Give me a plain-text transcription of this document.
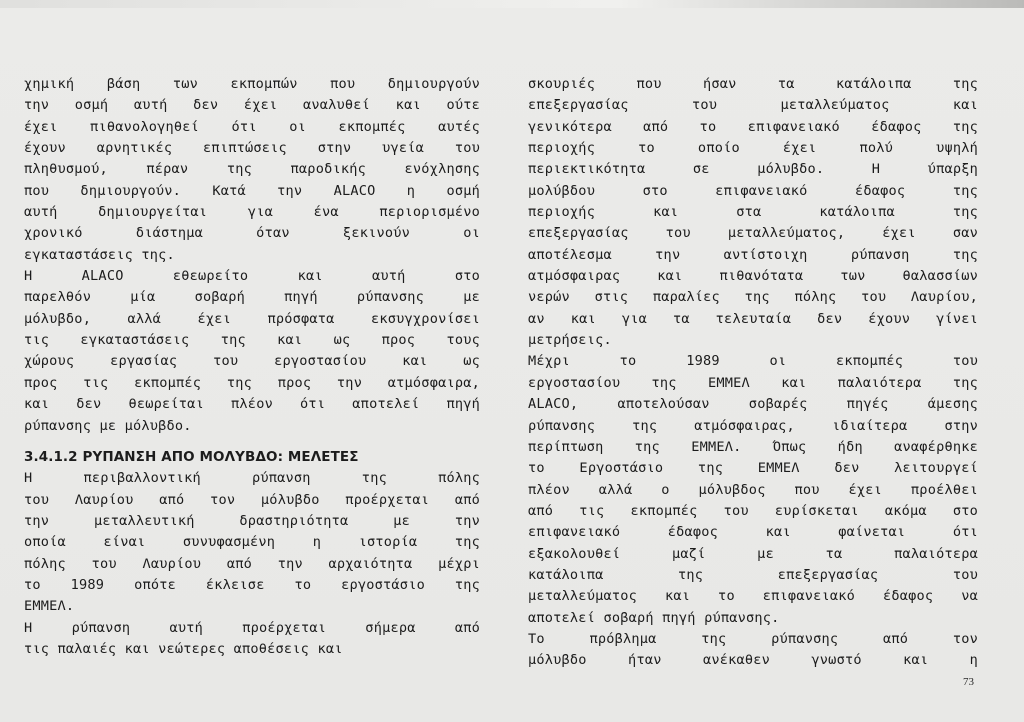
χημική βάση των εκπομπών που δημιουργούν
την οσμή αυτή δεν έχει αναλυθεί και ούτε
έχει πιθανολογηθεί ότι οι εκπομπές αυτές
έχουν αρνητικές επιπτώσεις στην υγεία του
πληθυσμού, πέραν της παροδικής ενόχλησης
που δημιουργούν. Κατά την ALACO η οσμή
αυτή δημιουργείται για ένα περιορισμένο
χρονικό διάστημα όταν ξεκινούν οι
εγκαταστάσεις της.
Η ALACO εθεωρείτο και αυτή στο
παρελθόν μία σοβαρή πηγή ρύπανσης με
μόλυβδο, αλλά έχει πρόσφατα εκσυγχρονίσει
τις εγκαταστάσεις της και ως προς τους
χώρους εργασίας του εργοστασίου και ως
προς τις εκπομπές της προς την ατμόσφαιρα,
και δεν θεωρείται πλέον ότι αποτελεί πηγή
ρύπανσης με μόλυβδο.
3.4.1.2 ΡΥΠΑΝΣΗ ΑΠΟ ΜΟΛΥΒΔΟ: ΜΕΛΕΤΕΣ
Η περιβαλλοντική ρύπανση της πόλης
του Λαυρίου από τον μόλυβδο προέρχεται από
την μεταλλευτική δραστηριότητα με την
οποία είναι συνυφασμένη η ιστορία της
πόλης του Λαυρίου από την αρχαιότητα μέχρι
το 1989 οπότε έκλεισε το εργοστάσιο της
ΕΜΜΕΛ.
Η ρύπανση αυτή προέρχεται σήμερα από
τις παλαιές και νεώτερες αποθέσεις και
σκουριές που ήσαν τα κατάλοιπα της
επεξεργασίας του μεταλλεύματος και
γενικότερα από το επιφανειακό έδαφος της
περιοχής το οποίο έχει πολύ υψηλή
περιεκτικότητα σε μόλυβδο. Η ύπαρξη
μολύβδου στο επιφανειακό έδαφος της
περιοχής και στα κατάλοιπα της
επεξεργασίας του μεταλλεύματος, έχει σαν
αποτέλεσμα την αντίστοιχη ρύπανση της
ατμόσφαιρας και πιθανότατα των θαλασσίων
νερών στις παραλίες της πόλης του Λαυρίου,
αν και για τα τελευταία δεν έχουν γίνει
μετρήσεις.
Μέχρι το 1989 οι εκπομπές του
εργοστασίου της ΕΜΜΕΛ και παλαιότερα της
ALACO, αποτελούσαν σοβαρές πηγές άμεσης
ρύπανσης της ατμόσφαιρας, ιδιαίτερα στην
περίπτωση της ΕΜΜΕΛ. Όπως ήδη αναφέρθηκε
το Εργοστάσιο της ΕΜΜΕΛ δεν λειτουργεί
πλέον αλλά ο μόλυβδος που έχει προέλθει
από τις εκπομπές του ευρίσκεται ακόμα στο
επιφανειακό έδαφος και φαίνεται ότι
εξακολουθεί μαζί με τα παλαιότερα
κατάλοιπα της επεξεργασίας του
μεταλλεύματος και το επιφανειακό έδαφος να
αποτελεί σοβαρή πηγή ρύπανσης.
Το πρόβλημα της ρύπανσης από τον
μόλυβδο ήταν ανέκαθεν γνωστό και η
73
